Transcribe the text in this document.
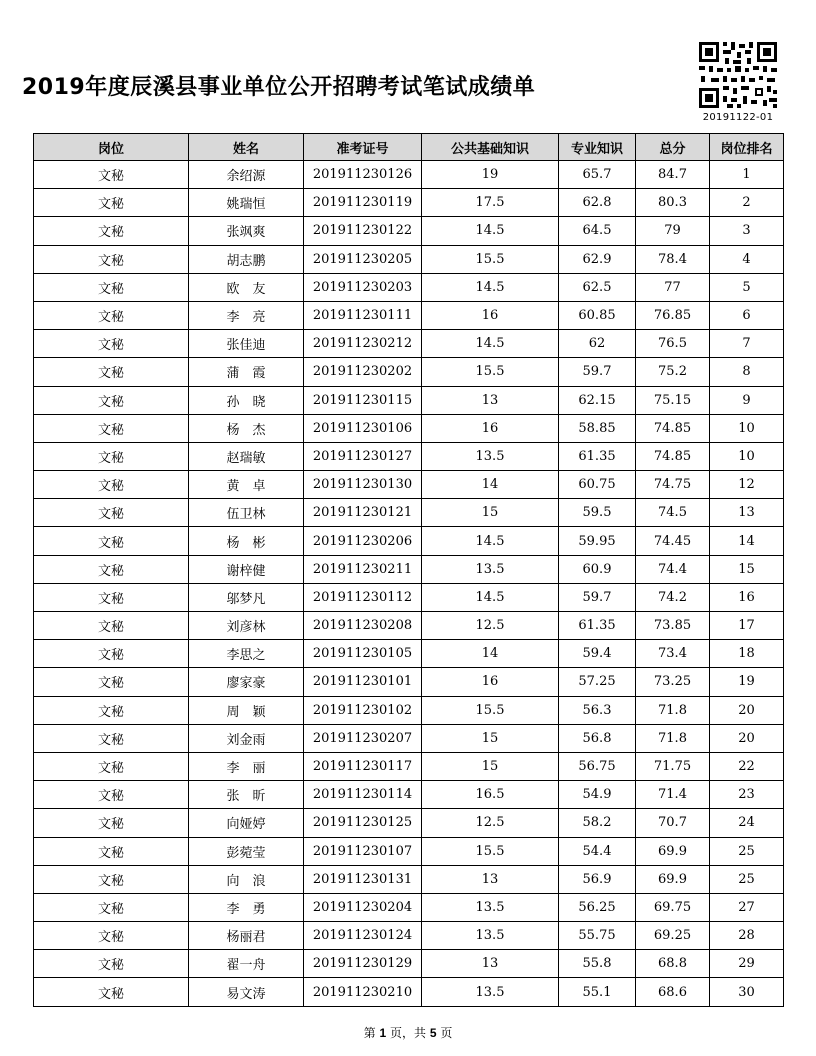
2019年度辰溪县事业单位公开招聘考试笔试成绩单
20191122-01
岗位	姓名	准考证号	公共基础知识	专业知识	总分	岗位排名
文秘	余绍源	201911230126	19	65.7	84.7	1
文秘	姚瑞恒	201911230119	17.5	62.8	80.3	2
文秘	张飒爽	201911230122	14.5	64.5	79	3
文秘	胡志鹏	201911230205	15.5	62.9	78.4	4
文秘	欧　友	201911230203	14.5	62.5	77	5
文秘	李　亮	201911230111	16	60.85	76.85	6
文秘	张佳迪	201911230212	14.5	62	76.5	7
文秘	蒲　霞	201911230202	15.5	59.7	75.2	8
文秘	孙　晓	201911230115	13	62.15	75.15	9
文秘	杨　杰	201911230106	16	58.85	74.85	10
文秘	赵瑞敏	201911230127	13.5	61.35	74.85	10
文秘	黄　卓	201911230130	14	60.75	74.75	12
文秘	伍卫林	201911230121	15	59.5	74.5	13
文秘	杨　彬	201911230206	14.5	59.95	74.45	14
文秘	谢梓健	201911230211	13.5	60.9	74.4	15
文秘	邬梦凡	201911230112	14.5	59.7	74.2	16
文秘	刘彦林	201911230208	12.5	61.35	73.85	17
文秘	李思之	201911230105	14	59.4	73.4	18
文秘	廖家豪	201911230101	16	57.25	73.25	19
文秘	周　颖	201911230102	15.5	56.3	71.8	20
文秘	刘金雨	201911230207	15	56.8	71.8	20
文秘	李　丽	201911230117	15	56.75	71.75	22
文秘	张　昕	201911230114	16.5	54.9	71.4	23
文秘	向娅婷	201911230125	12.5	58.2	70.7	24
文秘	彭菀莹	201911230107	15.5	54.4	69.9	25
文秘	向　浪	201911230131	13	56.9	69.9	25
文秘	李　勇	201911230204	13.5	56.25	69.75	27
文秘	杨丽君	201911230124	13.5	55.75	69.25	28
文秘	翟一舟	201911230129	13	55.8	68.8	29
文秘	易文涛	201911230210	13.5	55.1	68.6	30
第 1 页，共 5 页
